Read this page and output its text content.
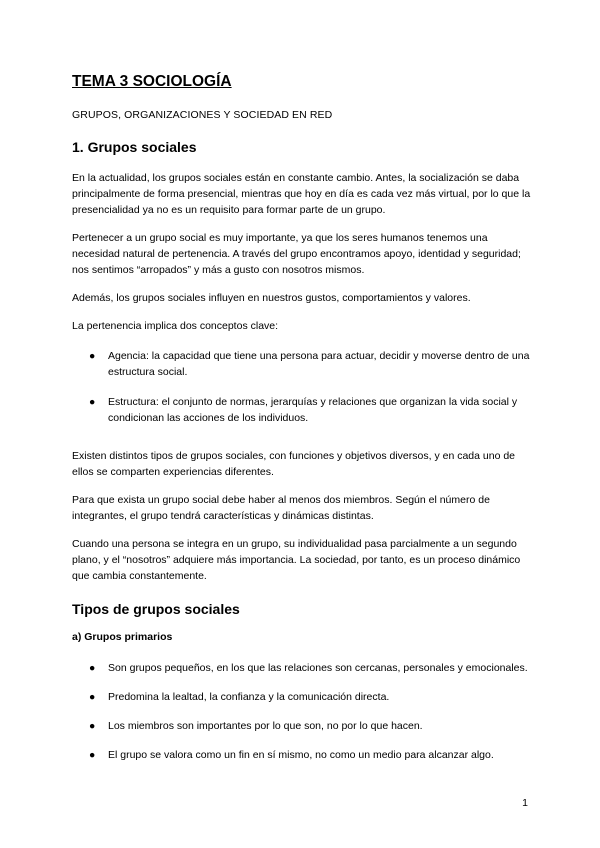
TEMA 3 SOCIOLOGÍA
GRUPOS, ORGANIZACIONES Y SOCIEDAD EN RED
1. Grupos sociales

En la actualidad, los grupos sociales están en constante cambio. Antes, la socialización se daba principalmente de forma presencial, mientras que hoy en día es cada vez más virtual, por lo que la presencialidad ya no es un requisito para formar parte de un grupo.

Pertenecer a un grupo social es muy importante, ya que los seres humanos tenemos una necesidad natural de pertenencia. A través del grupo encontramos apoyo, identidad y seguridad; nos sentimos “arropados” y más a gusto con nosotros mismos.

Además, los grupos sociales influyen en nuestros gustos, comportamientos y valores.

La pertenencia implica dos conceptos clave:

● Agencia: la capacidad que tiene una persona para actuar, decidir y moverse dentro de una estructura social.
● Estructura: el conjunto de normas, jerarquías y relaciones que organizan la vida social y condicionan las acciones de los individuos.

Existen distintos tipos de grupos sociales, con funciones y objetivos diversos, y en cada uno de ellos se comparten experiencias diferentes.

Para que exista un grupo social debe haber al menos dos miembros. Según el número de integrantes, el grupo tendrá características y dinámicas distintas.

Cuando una persona se integra en un grupo, su individualidad pasa parcialmente a un segundo plano, y el “nosotros” adquiere más importancia. La sociedad, por tanto, es un proceso dinámico que cambia constantemente.

Tipos de grupos sociales
a) Grupos primarios
● Son grupos pequeños, en los que las relaciones son cercanas, personales y emocionales.
● Predomina la lealtad, la confianza y la comunicación directa.
● Los miembros son importantes por lo que son, no por lo que hacen.
● El grupo se valora como un fin en sí mismo, no como un medio para alcanzar algo.
1
